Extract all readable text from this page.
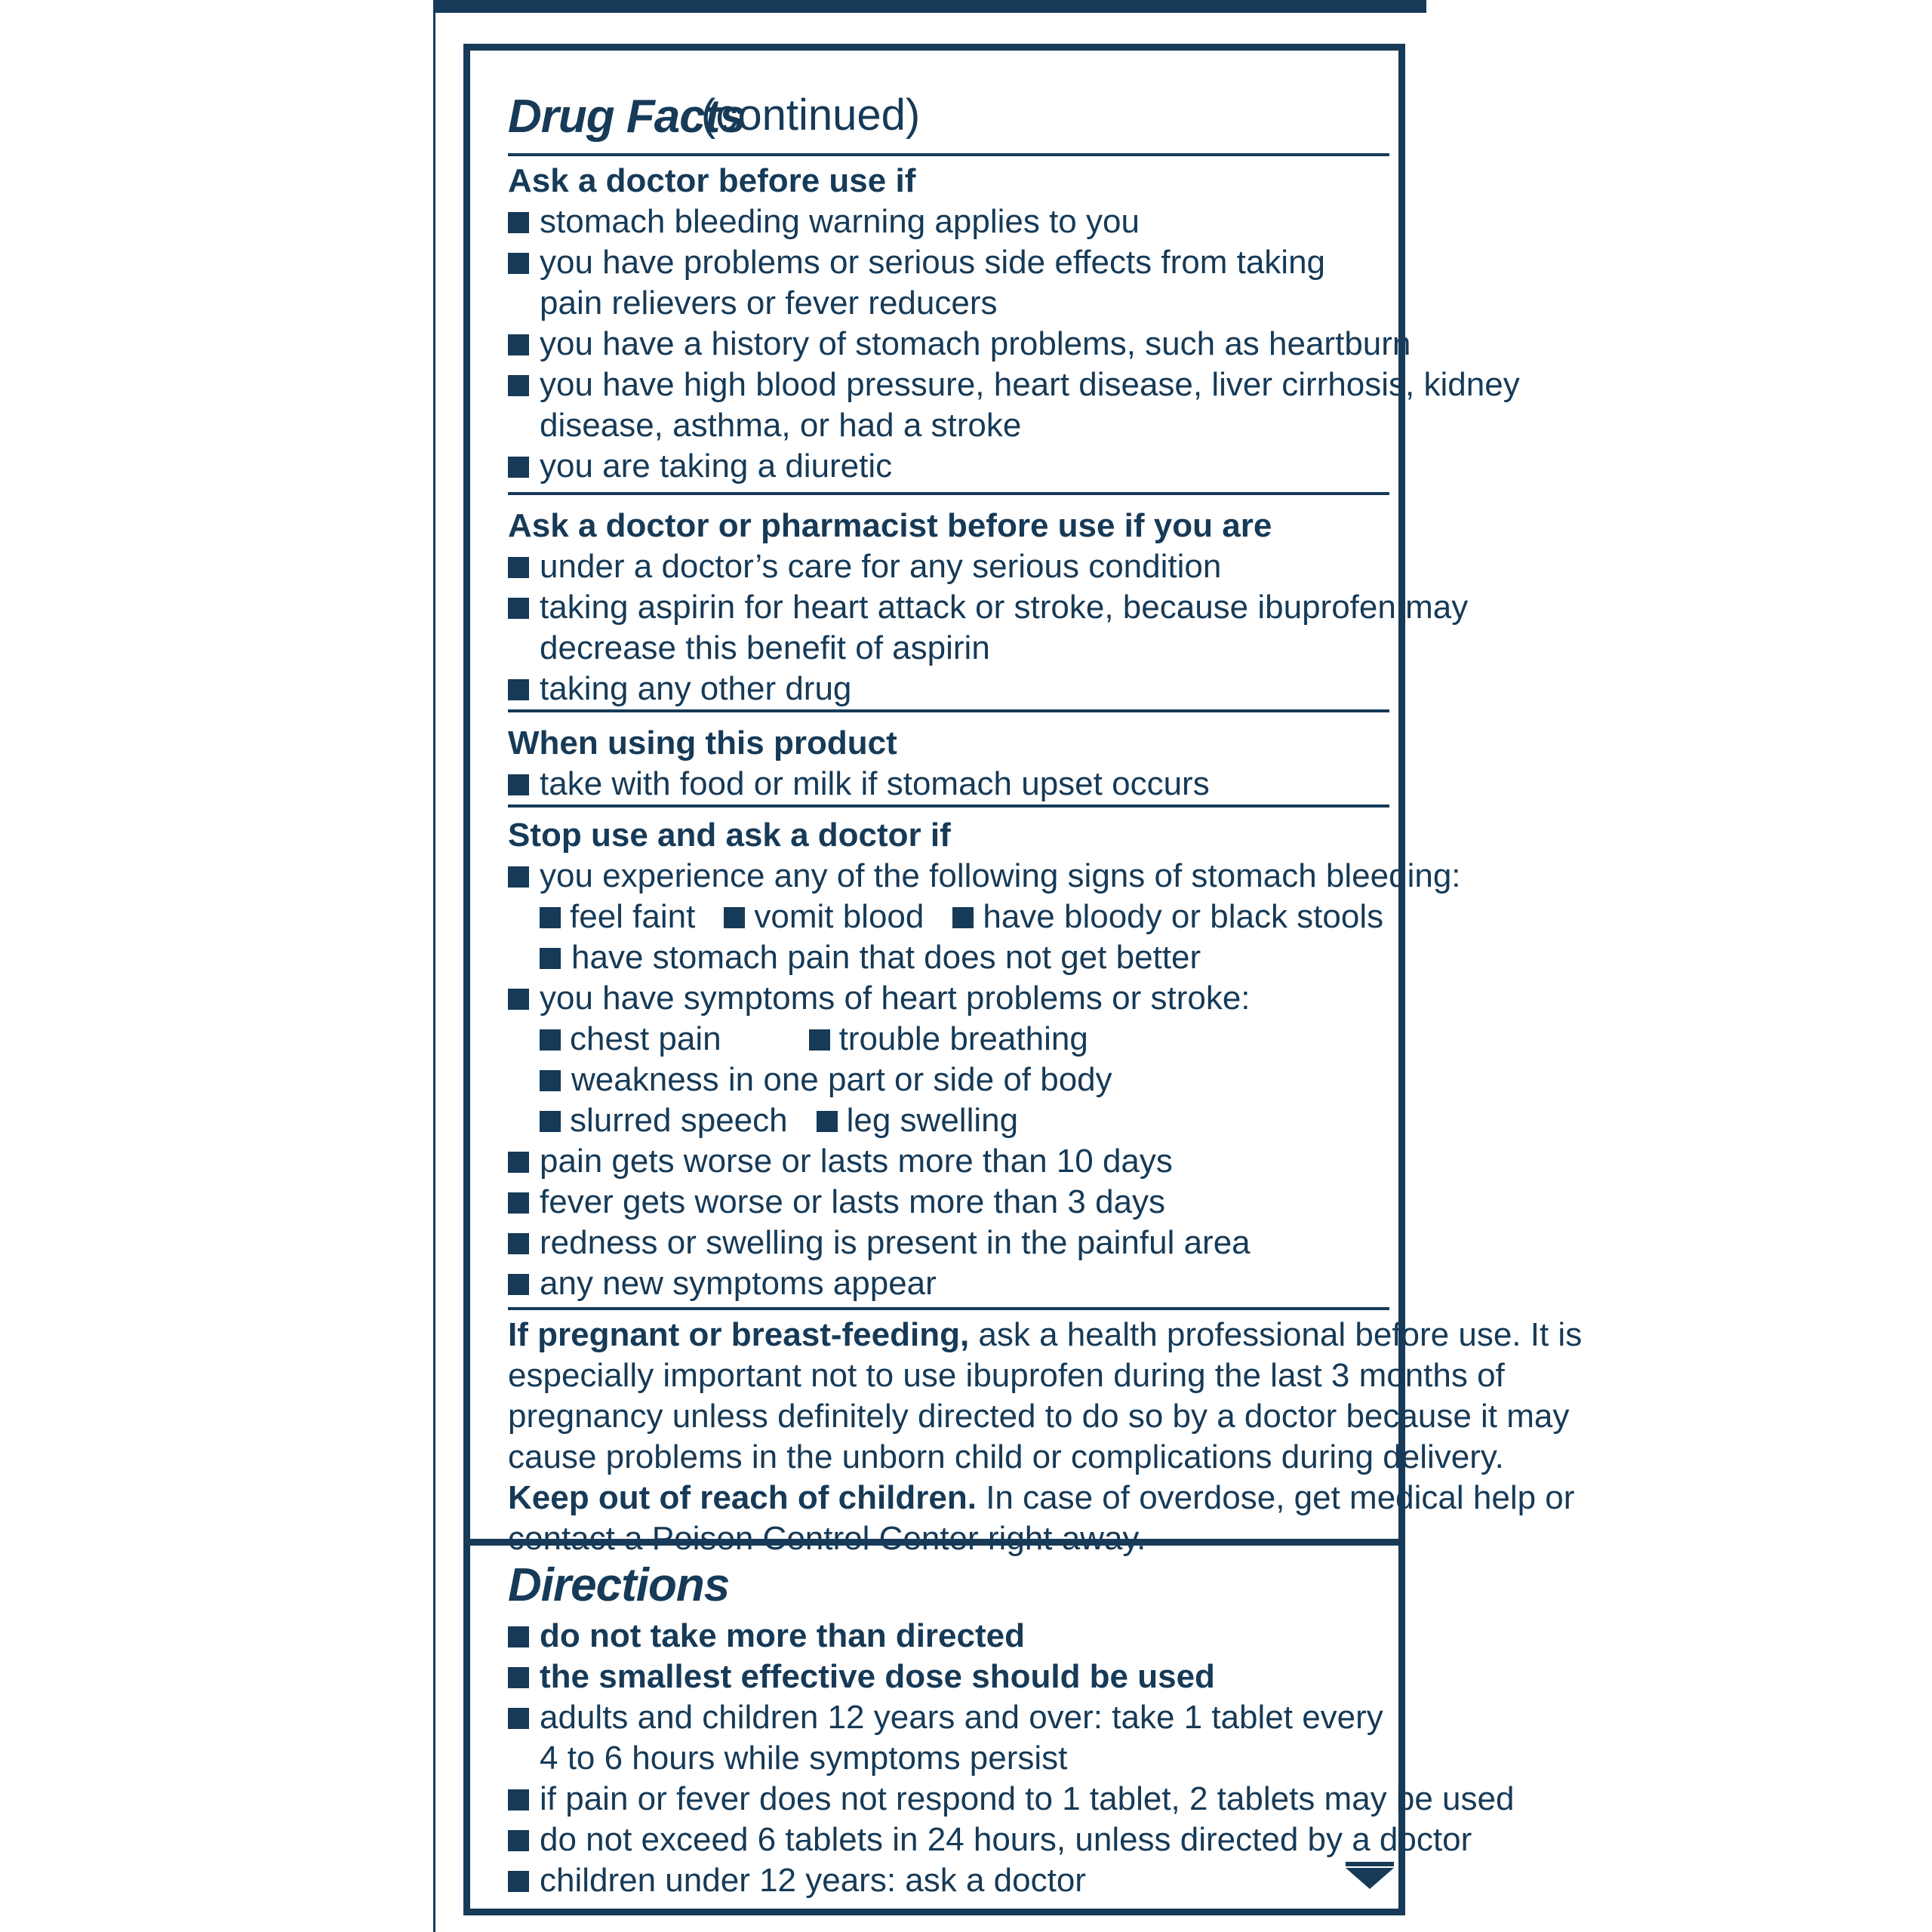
Drug Facts
(continued)
Ask a doctor before use if
stomach bleeding warning applies to you
you have problems or serious side effects from taking
pain relievers or fever reducers
you have a history of stomach problems, such as heartburn
you have high blood pressure, heart disease, liver cirrhosis, kidney
disease, asthma, or had a stroke
you are taking a diuretic
Ask a doctor or pharmacist before use if you are
under a doctor’s care for any serious condition
taking aspirin for heart attack or stroke, because ibuprofen may
decrease this benefit of aspirin
taking any other drug
When using this product
take with food or milk if stomach upset occurs
Stop use and ask a doctor if
you experience any of the following signs of stomach bleeding:
feel faint vomit blood have bloody or black stools
have stomach pain that does not get better
you have symptoms of heart problems or stroke:
chest pain	trouble breathing
weakness in one part or side of body
slurred speech leg swelling
pain gets worse or lasts more than 10 days
fever gets worse or lasts more than 3 days
redness or swelling is present in the painful area
any new symptoms appear
If pregnant or breast-feeding, ask a health professional before use. It is
especially important not to use ibuprofen during the last 3 months of
pregnancy unless definitely directed to do so by a doctor because it may
cause problems in the unborn child or complications during delivery.
Keep out of reach of children. In case of overdose, get medical help or
Directions
do not take more than directed
the smallest effective dose should be used
adults and children 12 years and over: take 1 tablet every
4 to 6 hours while symptoms persist
if pain or fever does not respond to 1 tablet, 2 tablets may be used
do not exceed 6 tablets in 24 hours, unless directed by a doctor
children under 12 years: ask a doctor
